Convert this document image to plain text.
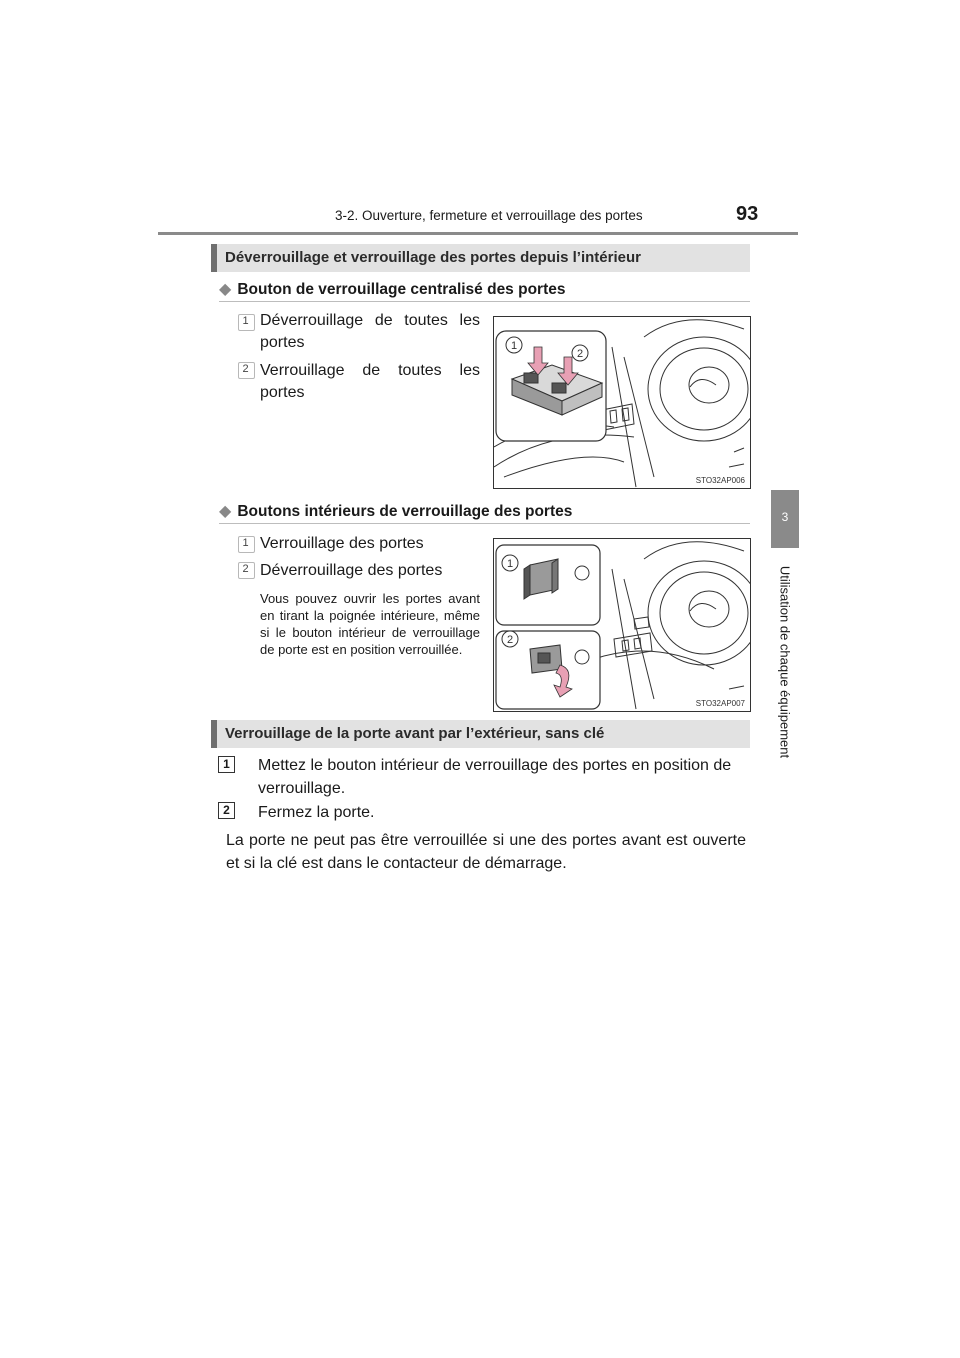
3-2. Ouverture, fermeture et verrouillage des portes	93
3
Utilisation de chaque équipement
Déverrouillage et verrouillage des portes depuis l’intérieur
◆ Bouton de verrouillage centralisé des portes
1 Déverrouillage de toutes les portes
2 Verrouillage de toutes les portes
1
2
STO32AP006
◆ Boutons intérieurs de verrouillage des portes
1 Verrouillage des portes
2 Déverrouillage des portes
Vous pouvez ouvrir les portes avant en tirant la poignée intérieure, même si le bouton intérieur de verrouillage de porte est en position verrouillée.
1
2
STO32AP007
Verrouillage de la porte avant par l’extérieur, sans clé
1	Mettez le bouton intérieur de verrouillage des portes en position de verrouillage.
2	Fermez la porte.
La porte ne peut pas être verrouillée si une des portes avant est ouverte et si la clé est dans le contacteur de démarrage.
